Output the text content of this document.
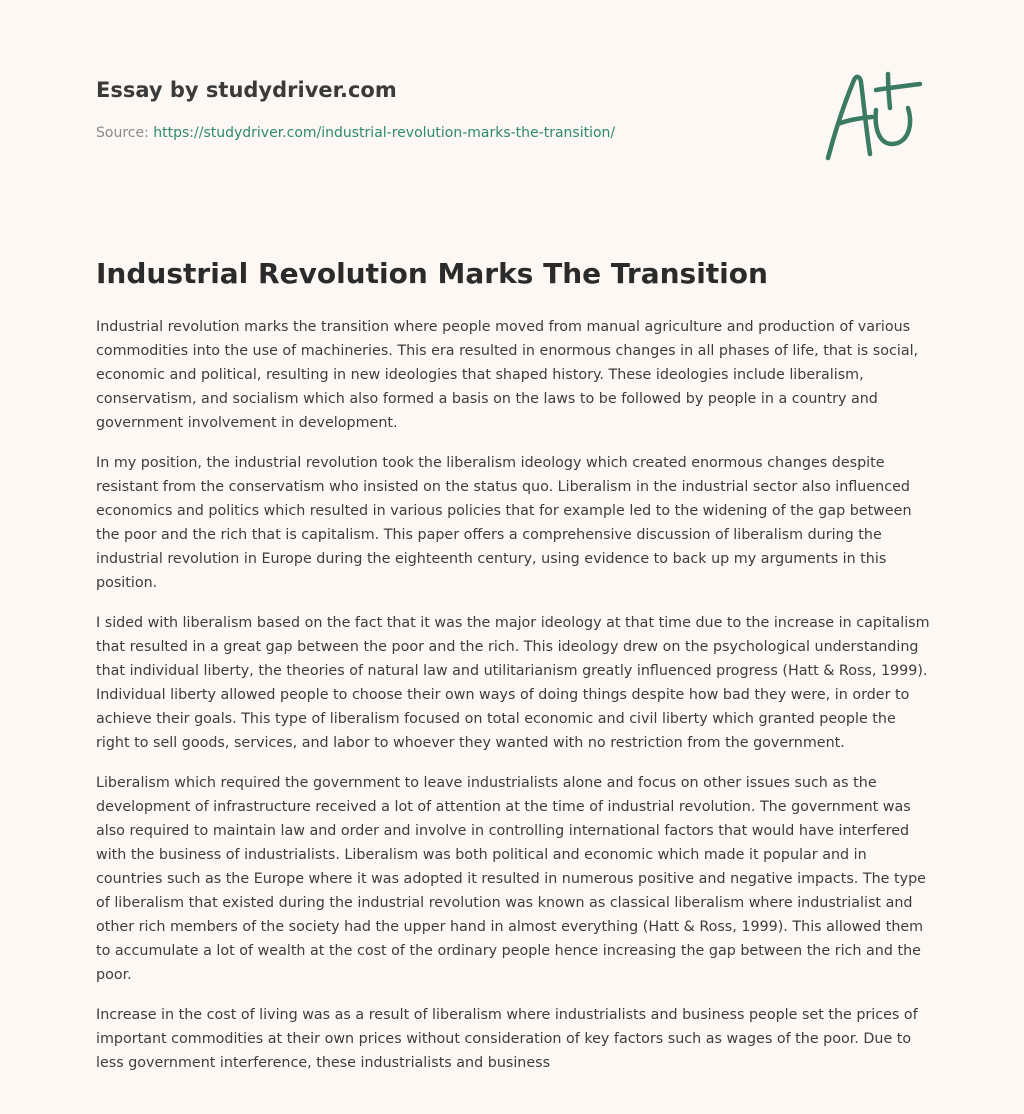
Essay by studydriver.com
Source: https://studydriver.com/industrial-revolution-marks-the-transition/
Industrial Revolution Marks The Transition

Industrial revolution marks the transition where people moved from manual agriculture and production of various commodities into the use of machineries. This era resulted in enormous changes in all phases of life, that is social, economic and political, resulting in new ideologies that shaped history. These ideologies include liberalism, conservatism, and socialism which also formed a basis on the laws to be followed by people in a country and government involvement in development.

In my position, the industrial revolution took the liberalism ideology which created enormous changes despite resistant from the conservatism who insisted on the status quo. Liberalism in the industrial sector also influenced economics and politics which resulted in various policies that for example led to the widening of the gap between the poor and the rich that is capitalism. This paper offers a comprehensive discussion of liberalism during the industrial revolution in Europe during the eighteenth century, using evidence to back up my arguments in this position.

I sided with liberalism based on the fact that it was the major ideology at that time due to the increase in capitalism that resulted in a great gap between the poor and the rich. This ideology drew on the psychological understanding that individual liberty, the theories of natural law and utilitarianism greatly influenced progress (Hatt & Ross, 1999). Individual liberty allowed people to choose their own ways of doing things despite how bad they were, in order to achieve their goals. This type of liberalism focused on total economic and civil liberty which granted people the right to sell goods, services, and labor to whoever they wanted with no restriction from the government.

Liberalism which required the government to leave industrialists alone and focus on other issues such as the development of infrastructure received a lot of attention at the time of industrial revolution. The government was also required to maintain law and order and involve in controlling international factors that would have interfered with the business of industrialists. Liberalism was both political and economic which made it popular and in countries such as the Europe where it was adopted it resulted in numerous positive and negative impacts. The type of liberalism that existed during the industrial revolution was known as classical liberalism where industrialist and other rich members of the society had the upper hand in almost everything (Hatt & Ross, 1999). This allowed them to accumulate a lot of wealth at the cost of the ordinary people hence increasing the gap between the rich and the poor.

Increase in the cost of living was as a result of liberalism where industrialists and business people set the prices of important commodities at their own prices without consideration of key factors such as wages of the poor. Due to less government interference, these industrialists and business
